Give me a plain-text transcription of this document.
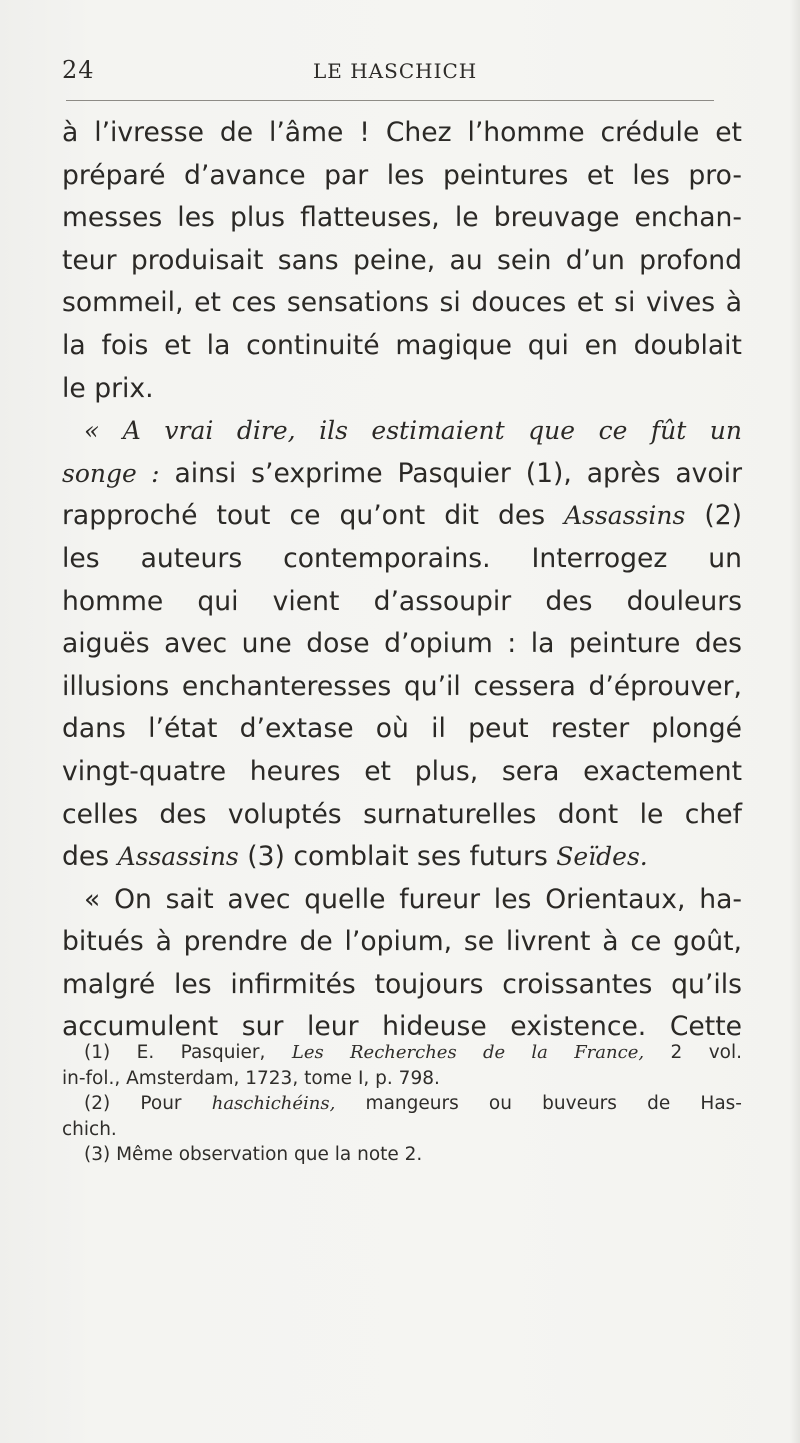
24	LE HASCHICH
à l’ivresse de l’âme ! Chez l’homme crédule et
préparé d’avance par les peintures et les pro-
messes les plus flatteuses, le breuvage enchan-
teur produisait sans peine, au sein d’un profond
sommeil, et ces sensations si douces et si vives à
la fois et la continuité magique qui en doublait
le prix.
« A vrai dire, ils estimaient que ce fût un
songe : ainsi s’exprime Pasquier (1), après avoir
rapproché tout ce qu’ont dit des Assassins (2)
les auteurs contemporains. Interrogez un
homme qui vient d’assoupir des douleurs
aiguës avec une dose d’opium : la peinture des
illusions enchanteresses qu’il cessera d’éprouver,
dans l’état d’extase où il peut rester plongé
vingt-quatre heures et plus, sera exactement
celles des voluptés surnaturelles dont le chef
des Assassins (3) comblait ses futurs Seïdes.
« On sait avec quelle fureur les Orientaux, ha-
bitués à prendre de l’opium, se livrent à ce goût,
malgré les infirmités toujours croissantes qu’ils
accumulent sur leur hideuse existence. Cette
(1) E. Pasquier, Les Recherches de la France, 2 vol.
in-fol., Amsterdam, 1723, tome I, p. 798.
(2) Pour haschichéins, mangeurs ou buveurs de Has-
chich.
(3) Même observation que la note 2.
